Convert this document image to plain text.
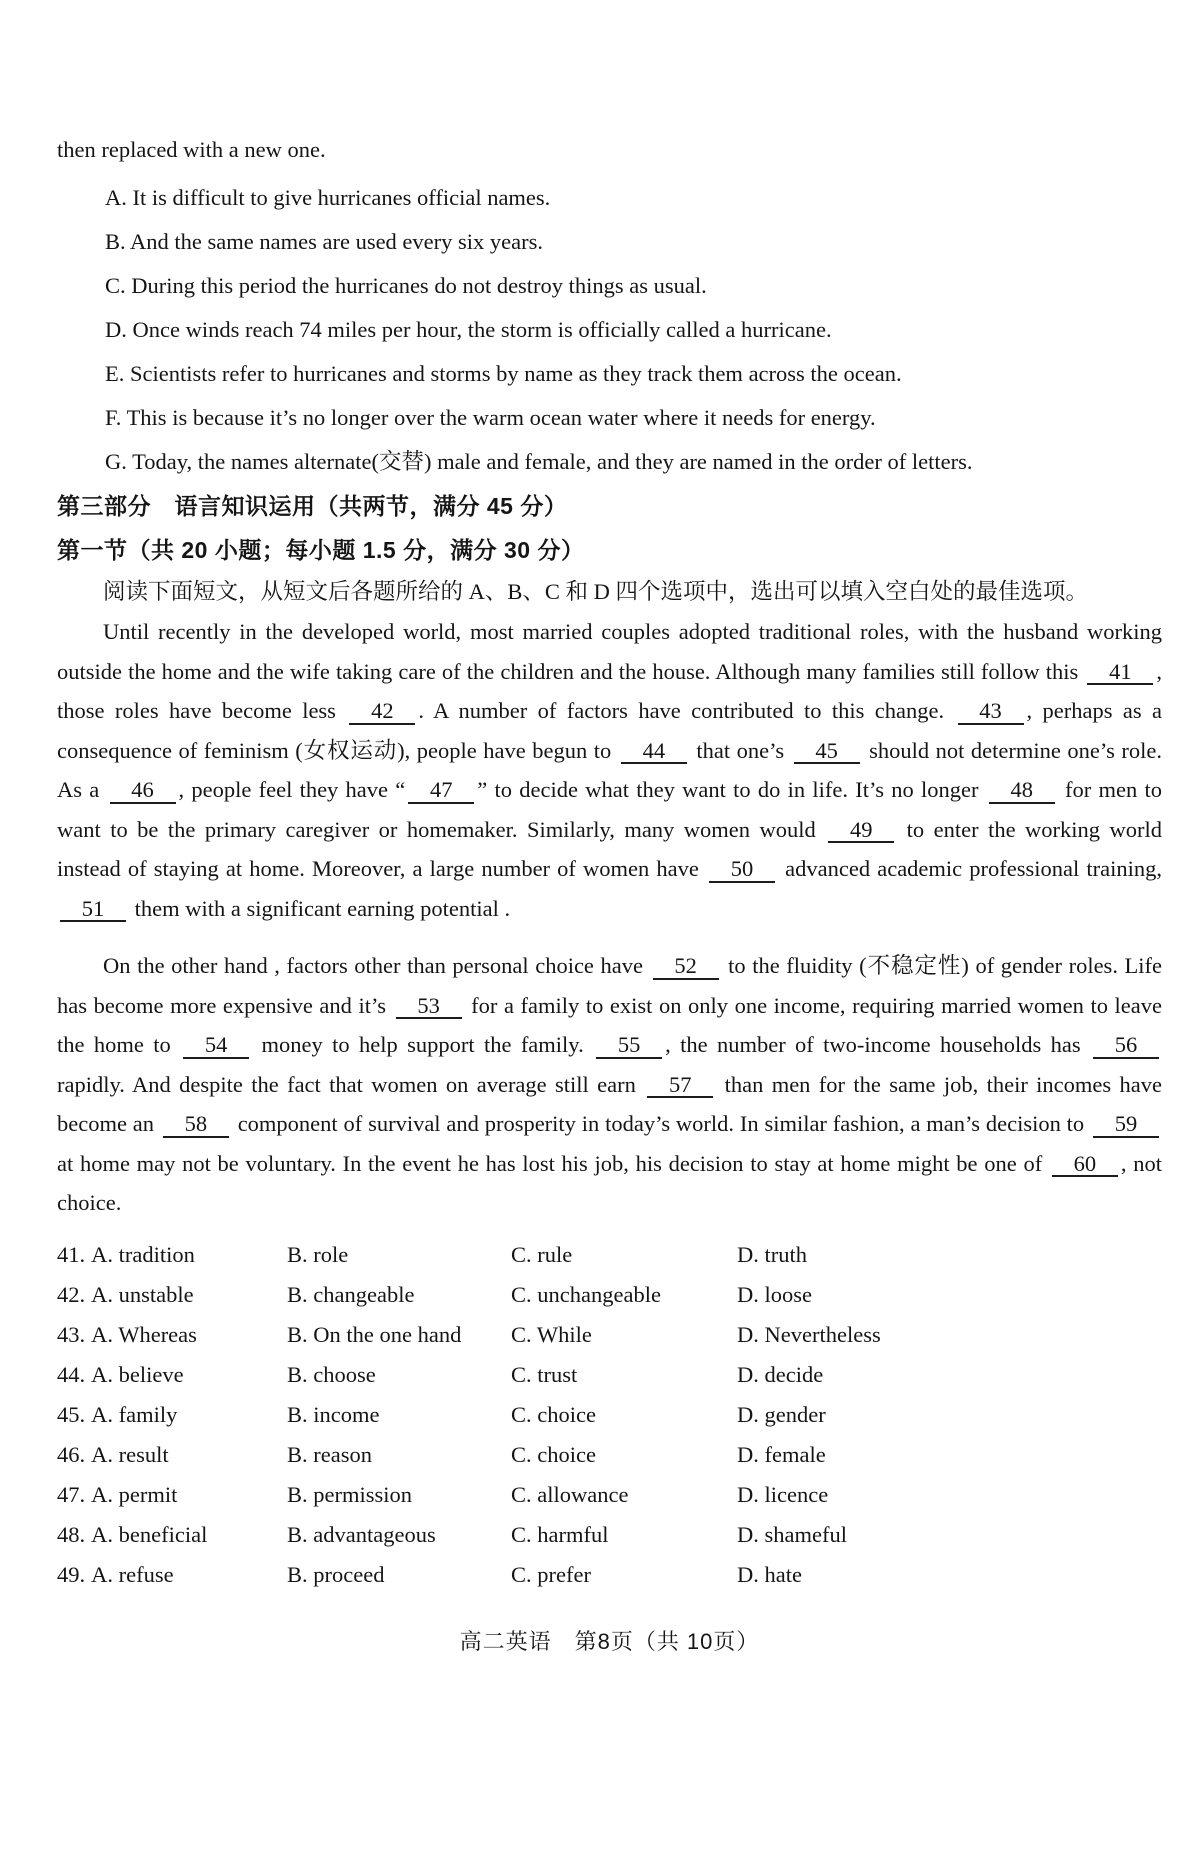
then replaced with a new one.
A. It is difficult to give hurricanes official names.
B. And the same names are used every six years.
C. During this period the hurricanes do not destroy things as usual.
D. Once winds reach 74 miles per hour, the storm is officially called a hurricane.
E. Scientists refer to hurricanes and storms by name as they track them across the ocean.
F. This is because it’s no longer over the warm ocean water where it needs for energy.
G. Today, the names alternate(交替) male and female, and they are named in the order of letters.
第三部分　语言知识运用（共两节，满分 45 分）
第一节（共 20 小题；每小题 1.5 分，满分 30 分）

阅读下面短文，从短文后各题所给的 A、B、C 和 D 四个选项中，选出可以填入空白处的最佳选项。

Until recently in the developed world, most married couples adopted traditional roles, with the husband working outside the home and the wife taking care of the children and the house. Although many families still follow this 41 , those roles have become less 42 . A number of factors have contributed to this change. 43 , perhaps as a consequence of feminism (女权运动), people have begun to 44 that one’s 45 should not determine one’s role. As a 46 , people feel they have “ 47 ” to decide what they want to do in life. It’s no longer 48 for men to want to be the primary caregiver or homemaker. Similarly, many women would 49 to enter the working world instead of staying at home. Moreover, a large number of women have 50 advanced academic professional training, 51 them with a significant earning potential .

On the other hand , factors other than personal choice have 52 to the fluidity (不稳定性) of gender roles. Life has become more expensive and it’s 53 for a family to exist on only one income, requiring married women to leave the home to 54 money to help support the family. 55 , the number of two-income households has 56 rapidly. And despite the fact that women on average still earn 57 than men for the same job, their incomes have become an 58 component of survival and prosperity in today’s world. In similar fashion, a man’s decision to 59 at home may not be voluntary. In the event he has lost his job, his decision to stay at home might be one of 60 , not choice.

41. A. tradition	B. role	C. rule	D. truth
42. A. unstable	B. changeable	C. unchangeable	D. loose
43. A. Whereas	B. On the one hand	C. While	D. Nevertheless
44. A. believe	B. choose	C. trust	D. decide
45. A. family	B. income	C. choice	D. gender
46. A. result	B. reason	C. choice	D. female
47. A. permit	B. permission	C. allowance	D. licence
48. A. beneficial	B. advantageous	C. harmful	D. shameful
49. A. refuse	B. proceed	C. prefer	D. hate
高二英语　第8页（共 10页）
